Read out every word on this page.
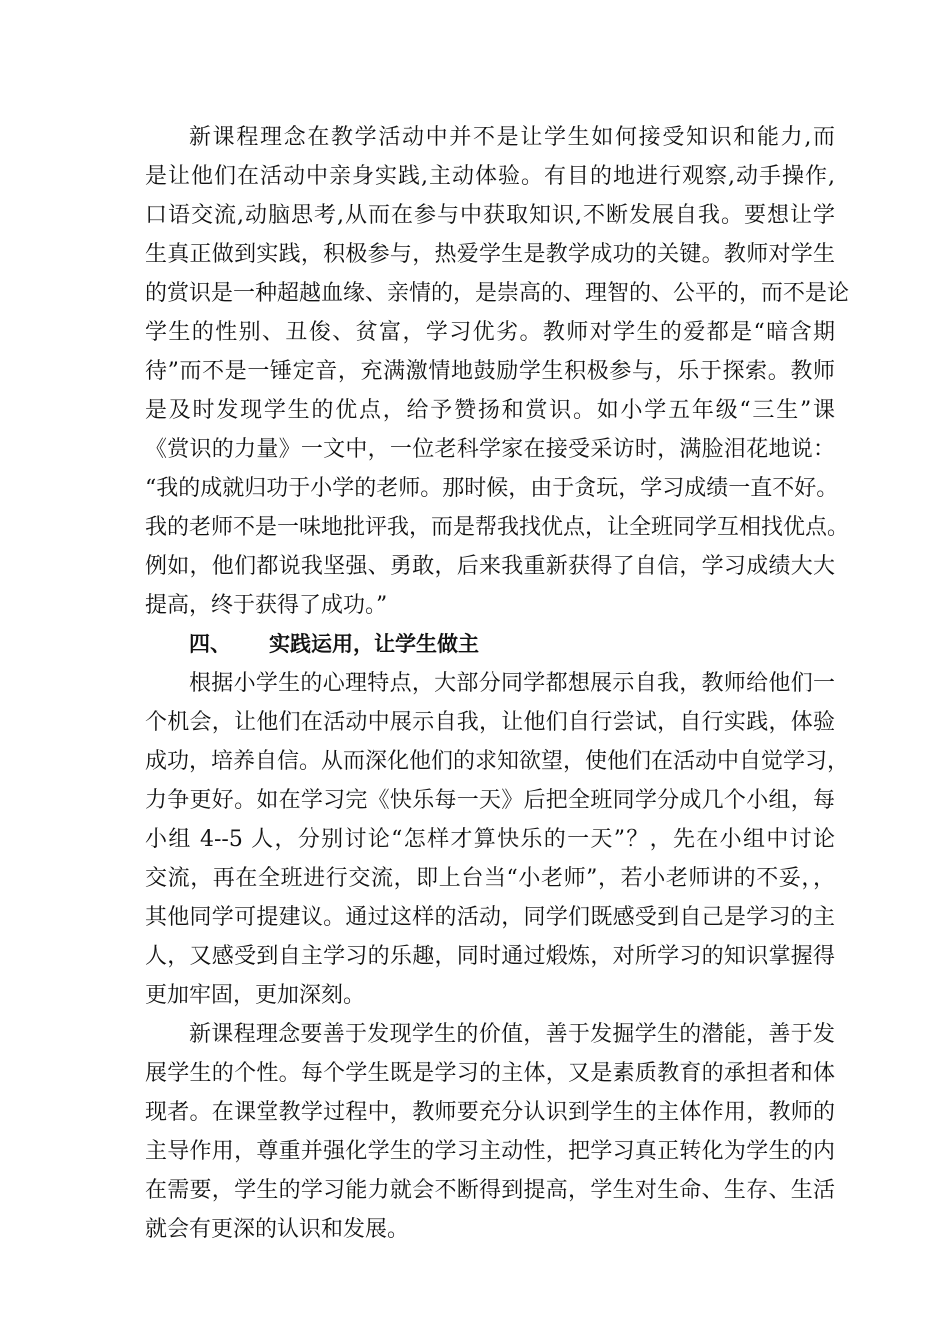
新课程理念在教学活动中并不是让学生如何接受知识和能力,而
是让他们在活动中亲身实践,主动体验。有目的地进行观察,动手操作,
口语交流,动脑思考,从而在参与中获取知识,不断发展自我。要想让学
生真正做到实践，积极参与，热爱学生是教学成功的关键。教师对学生
的赏识是一种超越血缘、亲情的，是崇高的、理智的、公平的，而不是论
学生的性别、丑俊、贫富，学习优劣。教师对学生的爱都是“暗含期
待”而不是一锤定音，充满激情地鼓励学生积极参与，乐于探索。教师
是及时发现学生的优点，给予赞扬和赏识。如小学五年级“三生”课
《赏识的力量》一文中，一位老科学家在接受采访时，满脸泪花地说：
“我的成就归功于小学的老师。那时候，由于贪玩，学习成绩一直不好。
我的老师不是一味地批评我，而是帮我找优点，让全班同学互相找优点。
例如，他们都说我坚强、勇敢，后来我重新获得了自信，学习成绩大大
提高，终于获得了成功。”
四、 实践运用，让学生做主
根据小学生的心理特点，大部分同学都想展示自我，教师给他们一
个机会，让他们在活动中展示自我，让他们自行尝试，自行实践，体验
成功，培养自信。从而深化他们的求知欲望，使他们在活动中自觉学习，
力争更好。如在学习完《快乐每一天》后把全班同学分成几个小组，每
小组 4--5 人，分别讨论“怎样才算快乐的一天”？，先在小组中讨论
交流，再在全班进行交流，即上台当“小老师”，若小老师讲的不妥，，
其他同学可提建议。通过这样的活动，同学们既感受到自己是学习的主
人，又感受到自主学习的乐趣，同时通过煅炼，对所学习的知识掌握得
更加牢固，更加深刻。
新课程理念要善于发现学生的价值，善于发掘学生的潜能，善于发
展学生的个性。每个学生既是学习的主体，又是素质教育的承担者和体
现者。在课堂教学过程中，教师要充分认识到学生的主体作用，教师的
主导作用，尊重并强化学生的学习主动性，把学习真正转化为学生的内
在需要，学生的学习能力就会不断得到提高，学生对生命、生存、生活
就会有更深的认识和发展。
